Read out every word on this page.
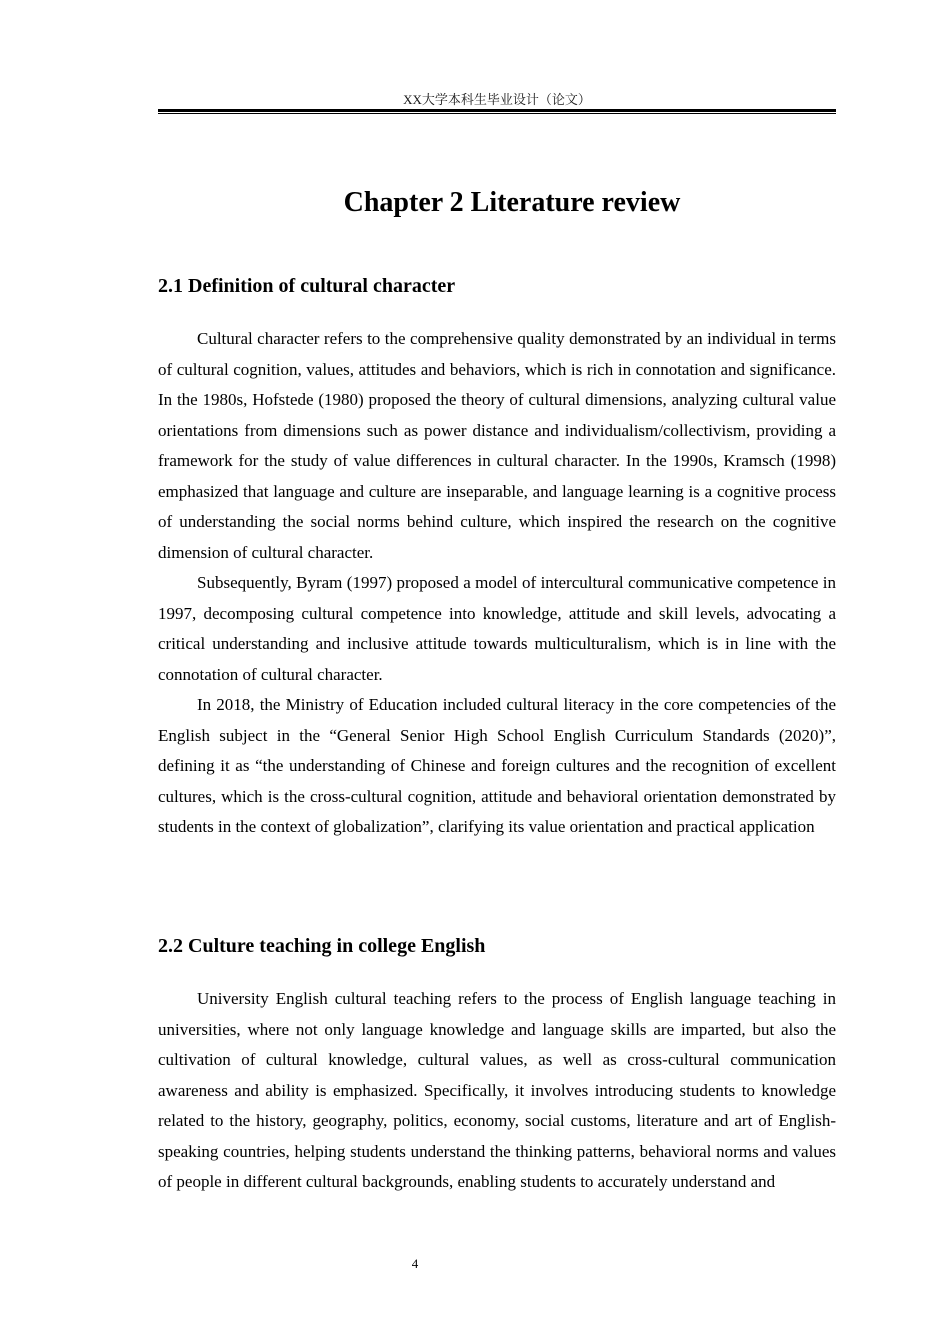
XX大学本科生毕业设计（论文）
Chapter 2 Literature review
2.1 Definition of cultural character

Cultural character refers to the comprehensive quality demonstrated by an individual in terms of cultural cognition, values, attitudes and behaviors, which is rich in connotation and significance. In the 1980s, Hofstede (1980) proposed the theory of cultural dimensions, analyzing cultural value orientations from dimensions such as power distance and individualism/collectivism, providing a framework for the study of value differences in cultural character. In the 1990s, Kramsch (1998) emphasized that language and culture are inseparable, and language learning is a cognitive process of understanding the social norms behind culture, which inspired the research on the cognitive dimension of cultural character.

Subsequently, Byram (1997) proposed a model of intercultural communicative competence in 1997, decomposing cultural competence into knowledge, attitude and skill levels, advocating a critical understanding and inclusive attitude towards multiculturalism, which is in line with the connotation of cultural character.

In 2018, the Ministry of Education included cultural literacy in the core competencies of the English subject in the “General Senior High School English Curriculum Standards (2020)”, defining it as “the understanding of Chinese and foreign cultures and the recognition of excellent cultures, which is the cross-cultural cognition, attitude and behavioral orientation demonstrated by students in the context of globalization”, clarifying its value orientation and practical application

2.2 Culture teaching in college English

University English cultural teaching refers to the process of English language teaching in universities, where not only language knowledge and language skills are imparted, but also the cultivation of cultural knowledge, cultural values, as well as cross-cultural communication awareness and ability is emphasized. Specifically, it involves introducing students to knowledge related to the history, geography, politics, economy, social customs, literature and art of English-speaking countries, helping students understand the thinking patterns, behavioral norms and values of people in different cultural backgrounds, enabling students to accurately understand and

4
